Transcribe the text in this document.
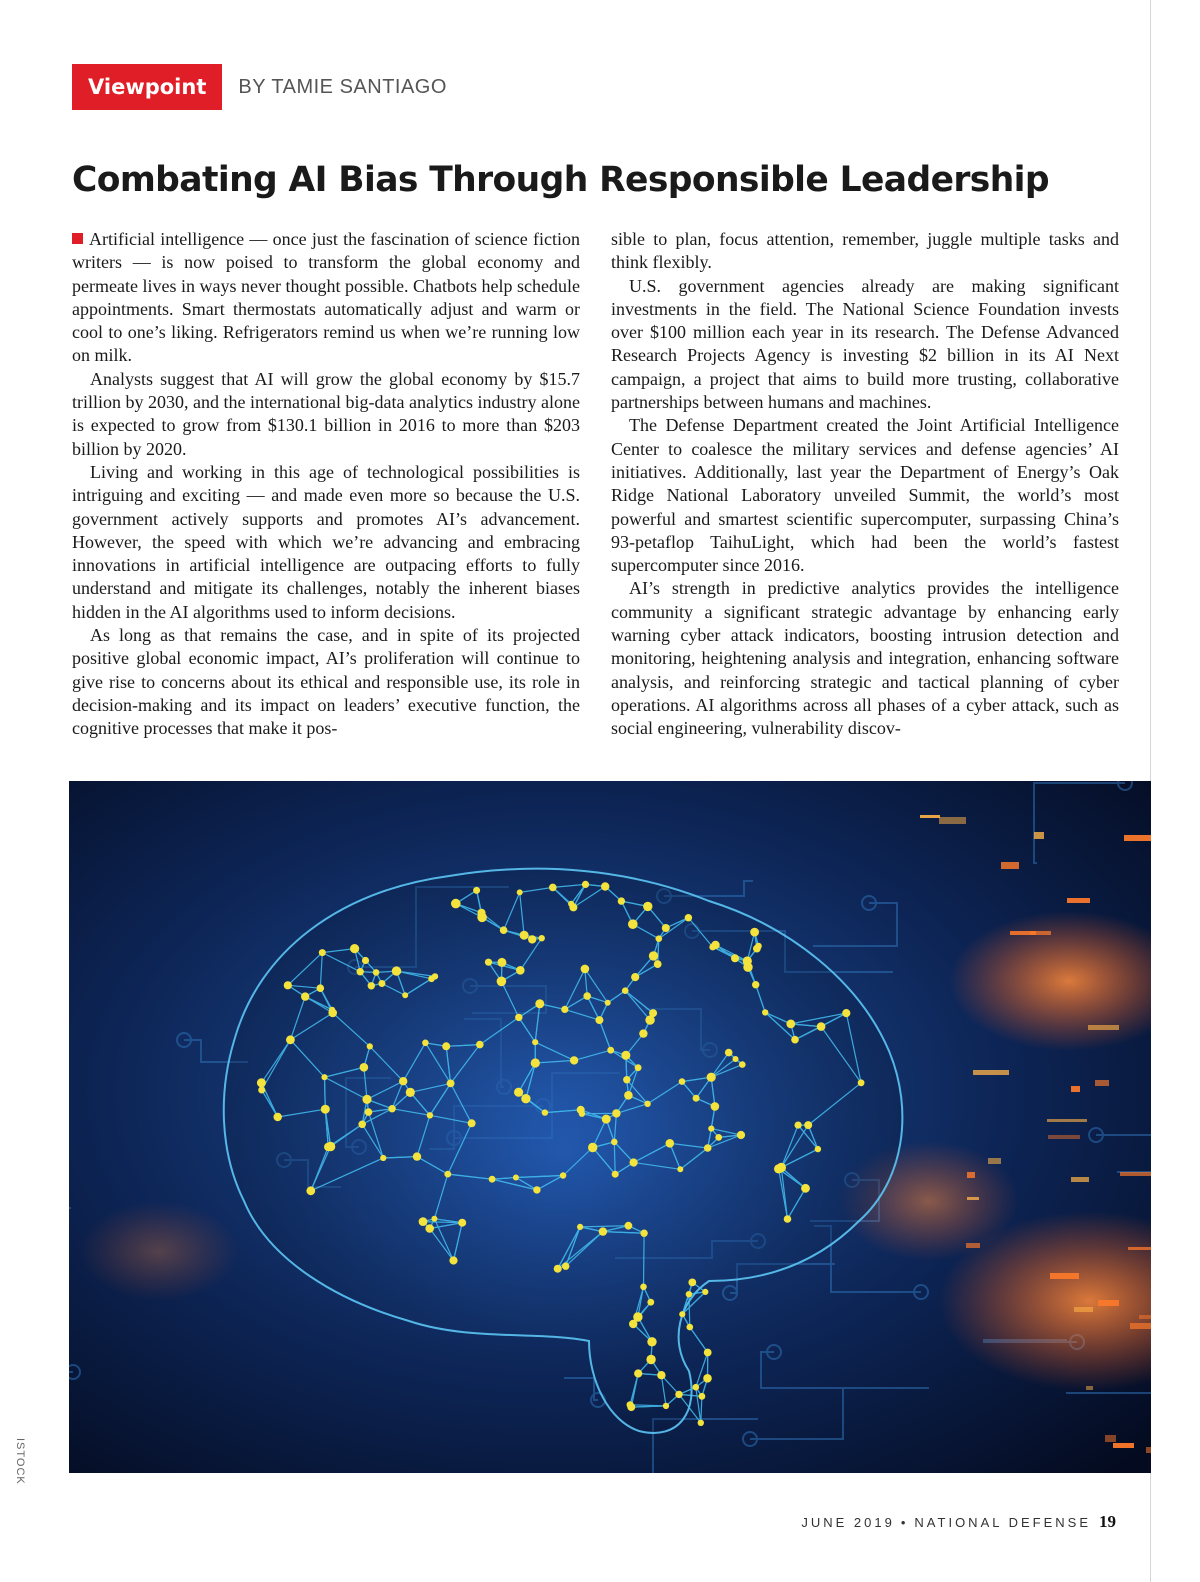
Viewpoint	BY TAMIE SANTIAGO
Combating AI Bias Through Responsible Leadership

Artificial intelligence — once just the fascination of science fiction writers — is now poised to transform the global economy and permeate lives in ways never thought possible. Chatbots help schedule appointments. Smart thermostats automatically adjust and warm or cool to one’s liking. Refrigerators remind us when we’re running low on milk.

Analysts suggest that AI will grow the global economy by $15.7 trillion by 2030, and the international big-data analytics industry alone is expected to grow from $130.1 billion in 2016 to more than $203 billion by 2020.

Living and working in this age of technological possibilities is intriguing and exciting — and made even more so because the U.S. government actively supports and promotes AI’s advancement. However, the speed with which we’re advancing and embracing innovations in artificial intelligence are outpacing efforts to fully understand and mitigate its challenges, notably the inherent biases hidden in the AI algorithms used to inform decisions.

As long as that remains the case, and in spite of its projected positive global economic impact, AI’s proliferation will continue to give rise to concerns about its ethical and responsible use, its role in decision-making and its impact on leaders’ executive function, the cognitive processes that make it pos-

sible to plan, focus attention, remember, juggle multiple tasks and think flexibly.

U.S. government agencies already are making significant investments in the field. The National Science Foundation invests over $100 million each year in its research. The Defense Advanced Research Projects Agency is investing $2 billion in its AI Next campaign, a project that aims to build more trusting, collaborative partnerships between humans and machines.

The Defense Department created the Joint Artificial Intelligence Center to coalesce the military services and defense agencies’ AI initiatives. Additionally, last year the Department of Energy’s Oak Ridge National Laboratory unveiled Summit, the world’s most powerful and smartest scientific supercomputer, surpassing China’s 93-petaflop TaihuLight, which had been the world’s fastest supercomputer since 2016.

AI’s strength in predictive analytics provides the intelligence community a significant strategic advantage by enhancing early warning cyber attack indicators, boosting intrusion detection and monitoring, heightening analysis and integration, enhancing software analysis, and reinforcing strategic and tactical planning of cyber operations. AI algorithms across all phases of a cyber attack, such as social engineering, vulnerability discov-

ISTOCK
JUNE 2019 • NATIONAL DEFENSE 19
